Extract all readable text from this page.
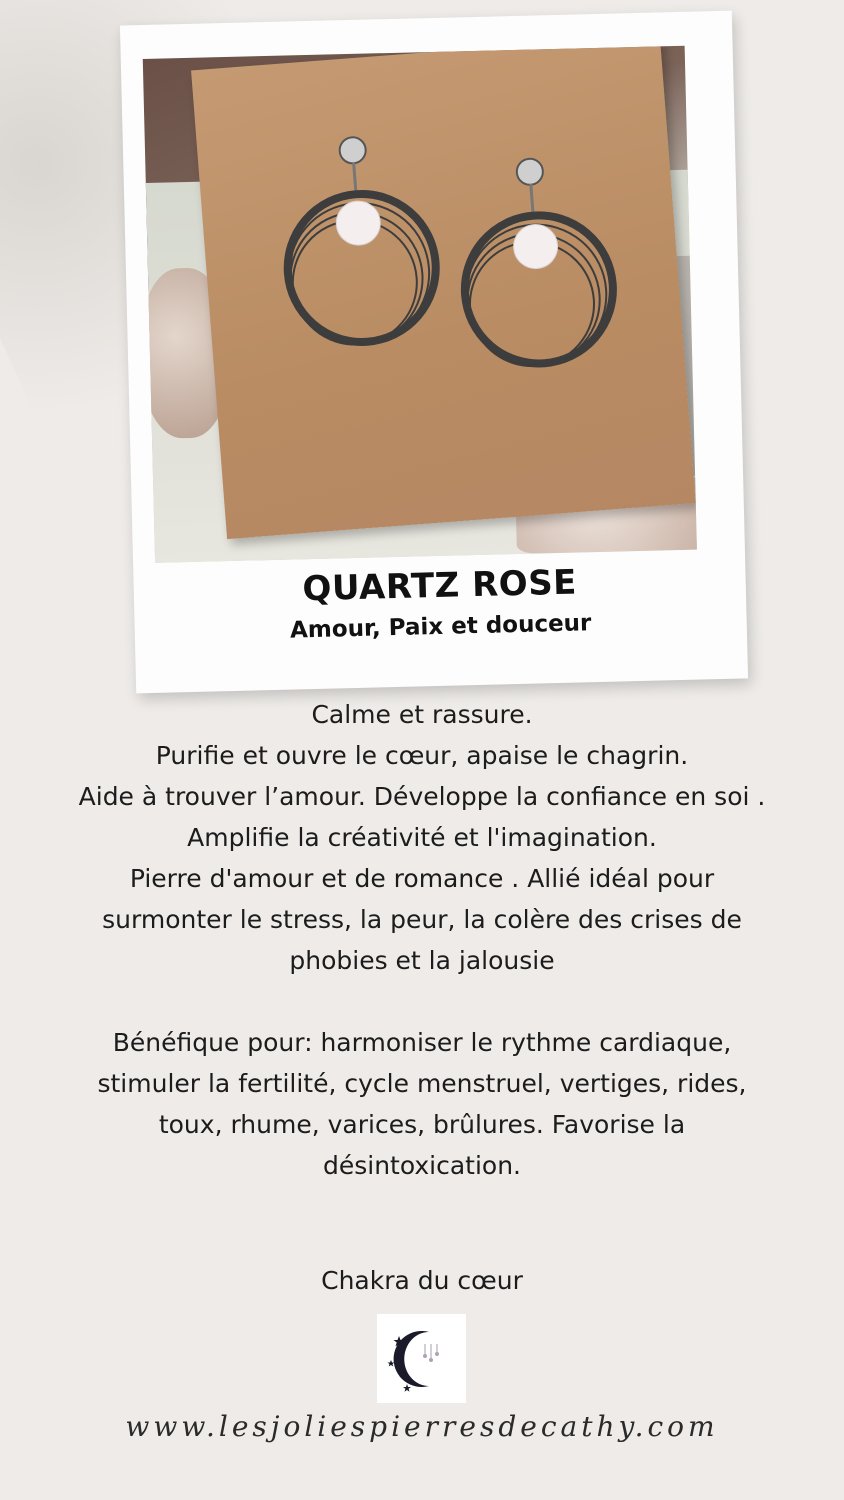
QUARTZ ROSE
Amour, Paix et douceur

Calme et rassure.

Purifie et ouvre le cœur, apaise le chagrin.

Aide à trouver l’amour. Développe la confiance en soi .

Amplifie la créativité et l'imagination.

Pierre d'amour et de romance . Allié idéal pour

surmonter le stress, la peur, la colère des crises de

phobies et la jalousie

Bénéfique pour: harmoniser le rythme cardiaque,

stimuler la fertilité, cycle menstruel, vertiges, rides,

toux, rhume, varices, brûlures. Favorise la

désintoxication.

Chakra du cœur

www.lesjoliespierresdecathy.com
